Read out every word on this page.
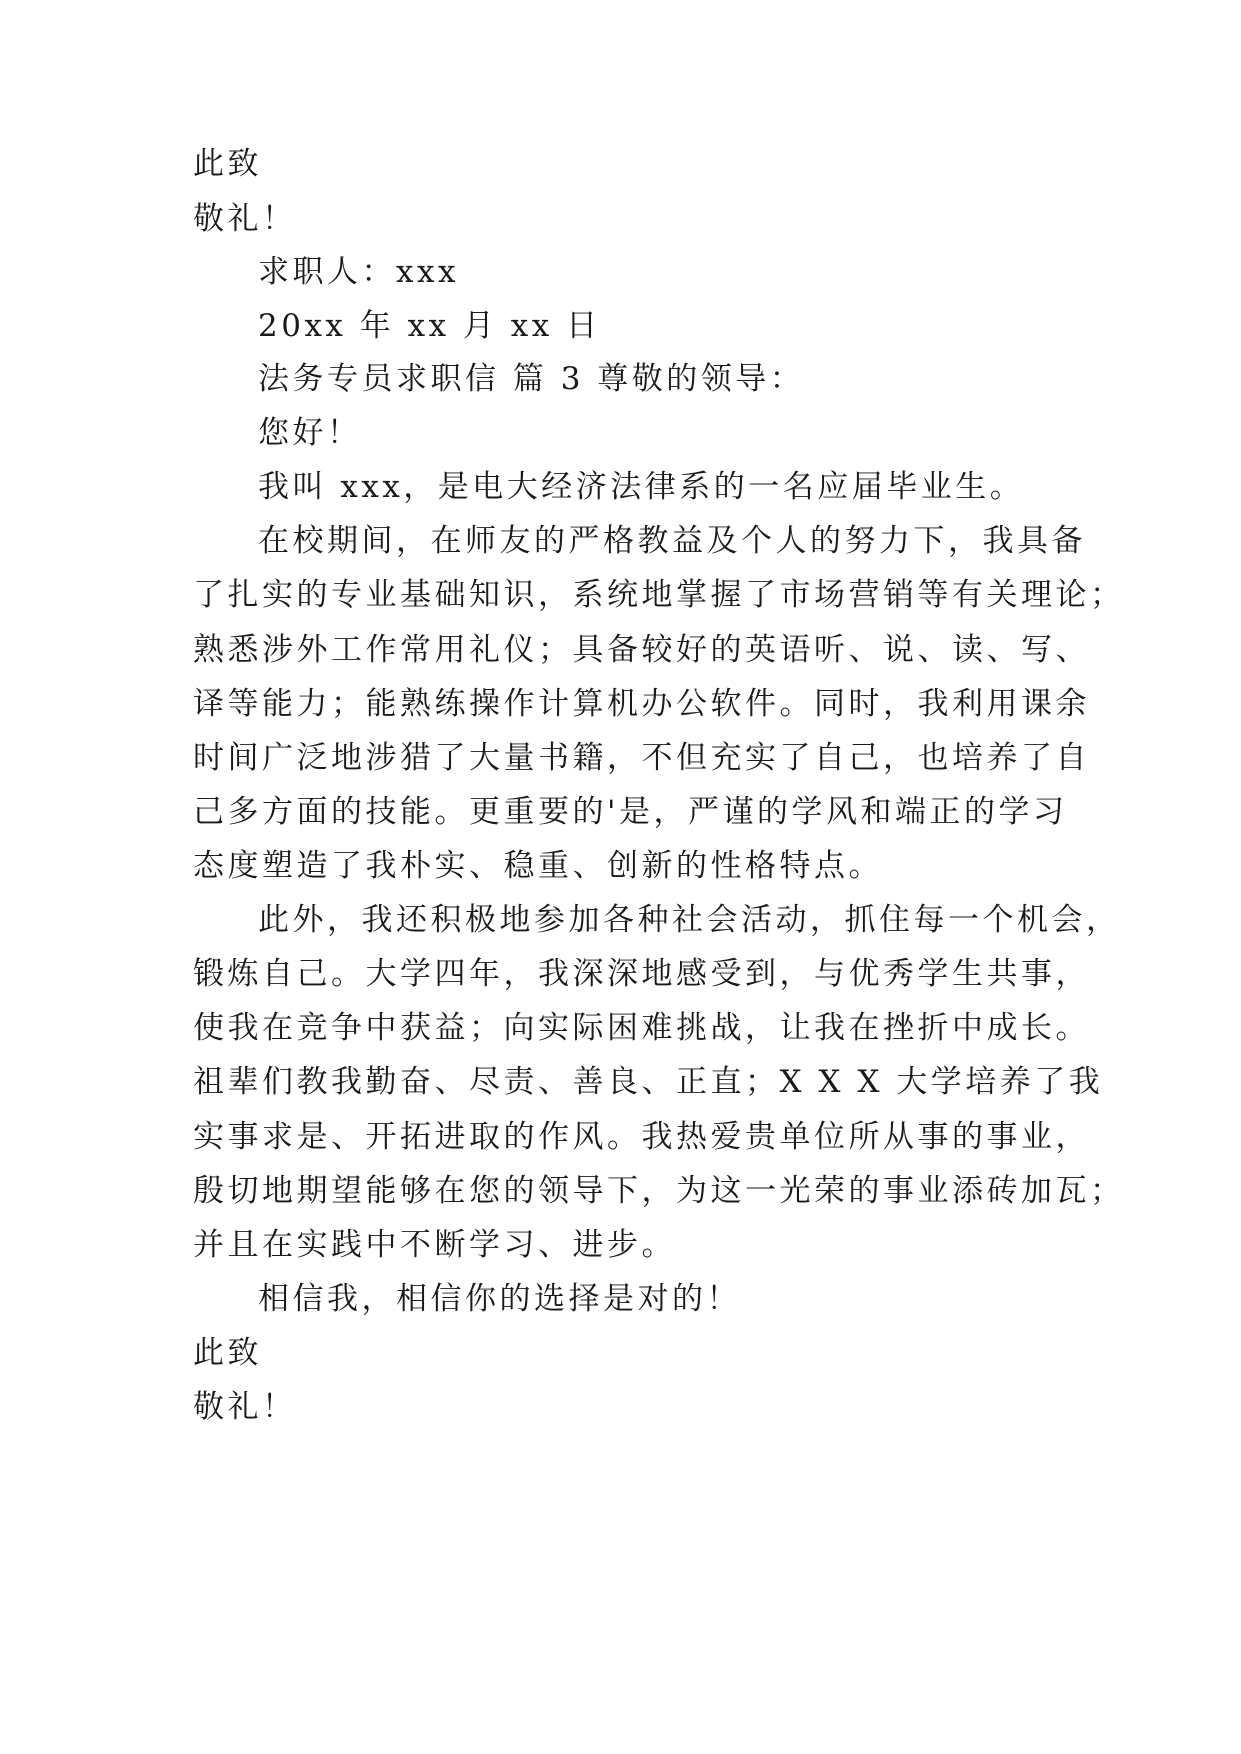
此致
敬礼！
求职人：xxx
20xx 年 xx 月 xx 日
法务专员求职信 篇 3 尊敬的领导：
您好！
我叫 xxx，是电大经济法律系的一名应届毕业生。
在校期间，在师友的严格教益及个人的努力下，我具备
了扎实的专业基础知识，系统地掌握了市场营销等有关理论；
熟悉涉外工作常用礼仪；具备较好的英语听、说、读、写、
译等能力；能熟练操作计算机办公软件。同时，我利用课余
时间广泛地涉猎了大量书籍，不但充实了自己，也培养了自
己多方面的技能。更重要的'是，严谨的学风和端正的学习
态度塑造了我朴实、稳重、创新的性格特点。
此外，我还积极地参加各种社会活动，抓住每一个机会，
锻炼自己。大学四年，我深深地感受到，与优秀学生共事，
使我在竞争中获益；向实际困难挑战，让我在挫折中成长。
祖辈们教我勤奋、尽责、善良、正直；X X X 大学培养了我
实事求是、开拓进取的作风。我热爱贵单位所从事的事业，
殷切地期望能够在您的领导下，为这一光荣的事业添砖加瓦；
并且在实践中不断学习、进步。
相信我，相信你的选择是对的！
此致
敬礼！
